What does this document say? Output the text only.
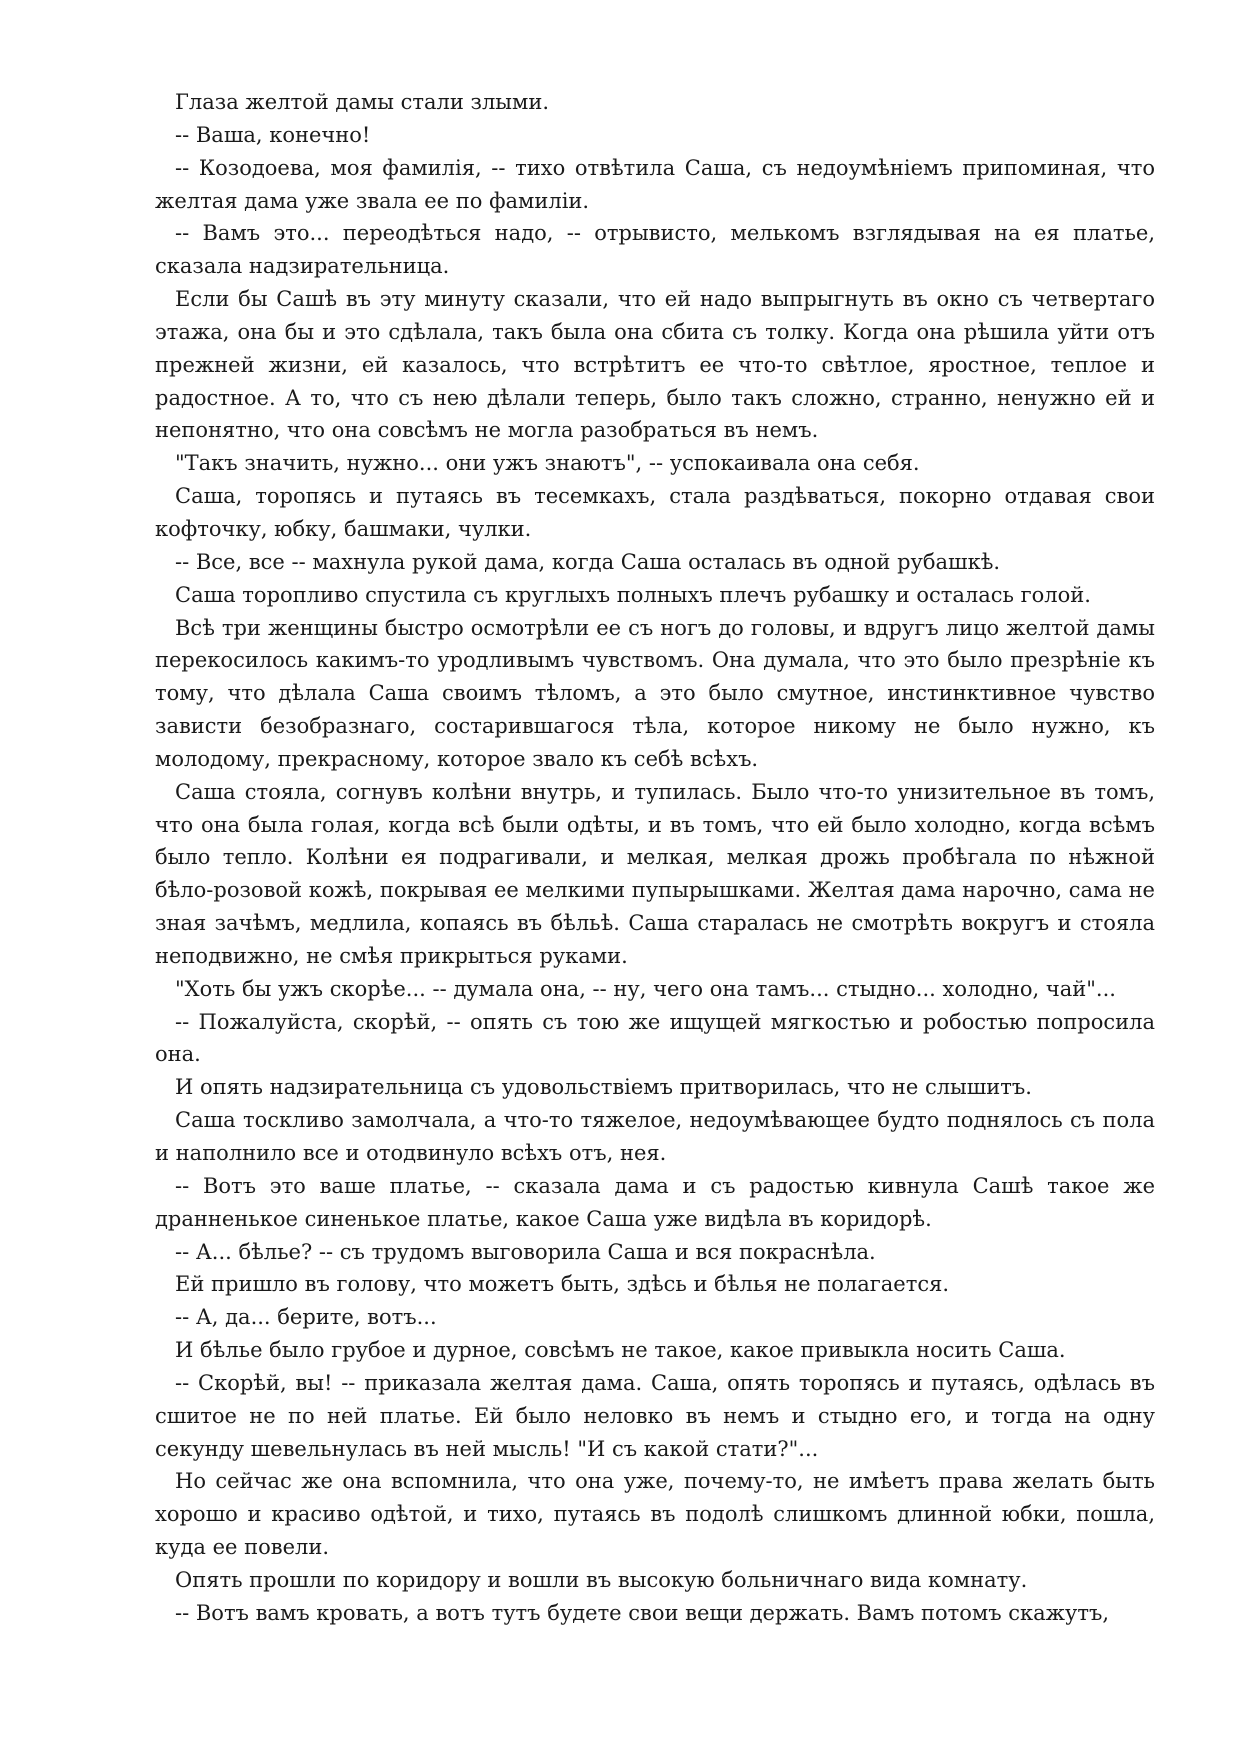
Глаза желтой дамы стали злыми.

-- Ваша, конечно!

-- Козодоева, моя фамилія, -- тихо отвѣтила Саша, съ недоумѣніемъ припоминая, что желтая дама уже звала ее по фамиліи.

-- Вамъ это... переодѣться надо, -- отрывисто, мелькомъ взглядывая на ея платье, сказала надзирательница.

Если бы Сашѣ въ эту минуту сказали, что ей надо выпрыгнуть въ окно съ четвертаго этажа, она бы и это сдѣлала, такъ была она сбита съ толку. Когда она рѣшила уйти отъ прежней жизни, ей казалось, что встрѣтитъ ее что-то свѣтлое, яростное, теплое и радостное. А то, что съ нею дѣлали теперь, было такъ сложно, странно, ненужно ей и непонятно, что она совсѣмъ не могла разобраться въ немъ.

"Такъ значить, нужно... они ужъ знаютъ", -- успокаивала она себя.

Саша, торопясь и путаясь въ тесемкахъ, стала раздѣваться, покорно отдавая свои кофточку, юбку, башмаки, чулки.

-- Все, все -- махнула рукой дама, когда Саша осталась въ одной рубашкѣ.

Саша торопливо спустила съ круглыхъ полныхъ плечъ рубашку и осталась голой.

Всѣ три женщины быстро осмотрѣли ее съ ногъ до головы, и вдругъ лицо желтой дамы перекосилось какимъ-то уродливымъ чувствомъ. Она думала, что это было презрѣніе къ тому, что дѣлала Саша своимъ тѣломъ, а это было смутное, инстинктивное чувство зависти безобразнаго, состарившагося тѣла, которое никому не было нужно, къ молодому, прекрасному, которое звало къ себѣ всѣхъ.

Саша стояла, согнувъ колѣни внутрь, и тупилась. Было что-то унизительное въ томъ, что она была голая, когда всѣ были одѣты, и въ томъ, что ей было холодно, когда всѣмъ было тепло. Колѣни ея подрагивали, и мелкая, мелкая дрожь пробѣгала по нѣжной бѣло-розовой кожѣ, покрывая ее мелкими пупырышками. Желтая дама нарочно, сама не зная зачѣмъ, медлила, копаясь въ бѣльѣ. Саша старалась не смотрѣть вокругъ и стояла неподвижно, не смѣя прикрыться руками.

"Хоть бы ужъ скорѣе... -- думала она, -- ну, чего она тамъ... стыдно... холодно, чай"...

-- Пожалуйста, скорѣй, -- опять съ тою же ищущей мягкостью и робостью попросила она.

И опять надзирательница съ удовольствіемъ притворилась, что не слышитъ.

Саша тоскливо замолчала, а что-то тяжелое, недоумѣвающее будто поднялось съ пола и наполнило все и отодвинуло всѣхъ отъ, нея.

-- Вотъ это ваше платье, -- сказала дама и съ радостью кивнула Сашѣ такое же дранненькое синенькое платье, какое Саша уже видѣла въ коридорѣ.

-- А... бѣлье? -- съ трудомъ выговорила Саша и вся покраснѣла.

Ей пришло въ голову, что можетъ быть, здѣсь и бѣлья не полагается.

-- А, да... берите, вотъ...

И бѣлье было грубое и дурное, совсѣмъ не такое, какое привыкла носить Саша.

-- Скорѣй, вы! -- приказала желтая дама. Саша, опять торопясь и путаясь, одѣлась въ сшитое не по ней платье. Ей было неловко въ немъ и стыдно его, и тогда на одну секунду шевельнулась въ ней мысль! "И съ какой стати?"...

Но сейчас же она вспомнила, что она уже, почему-то, не имѣетъ права желать быть хорошо и красиво одѣтой, и тихо, путаясь въ подолѣ слишкомъ длинной юбки, пошла, куда ее повели.

Опять прошли по коридору и вошли въ высокую больничнаго вида комнату.

-- Вотъ вамъ кровать, а вотъ тутъ будете свои вещи держать. Вамъ потомъ скажутъ,
